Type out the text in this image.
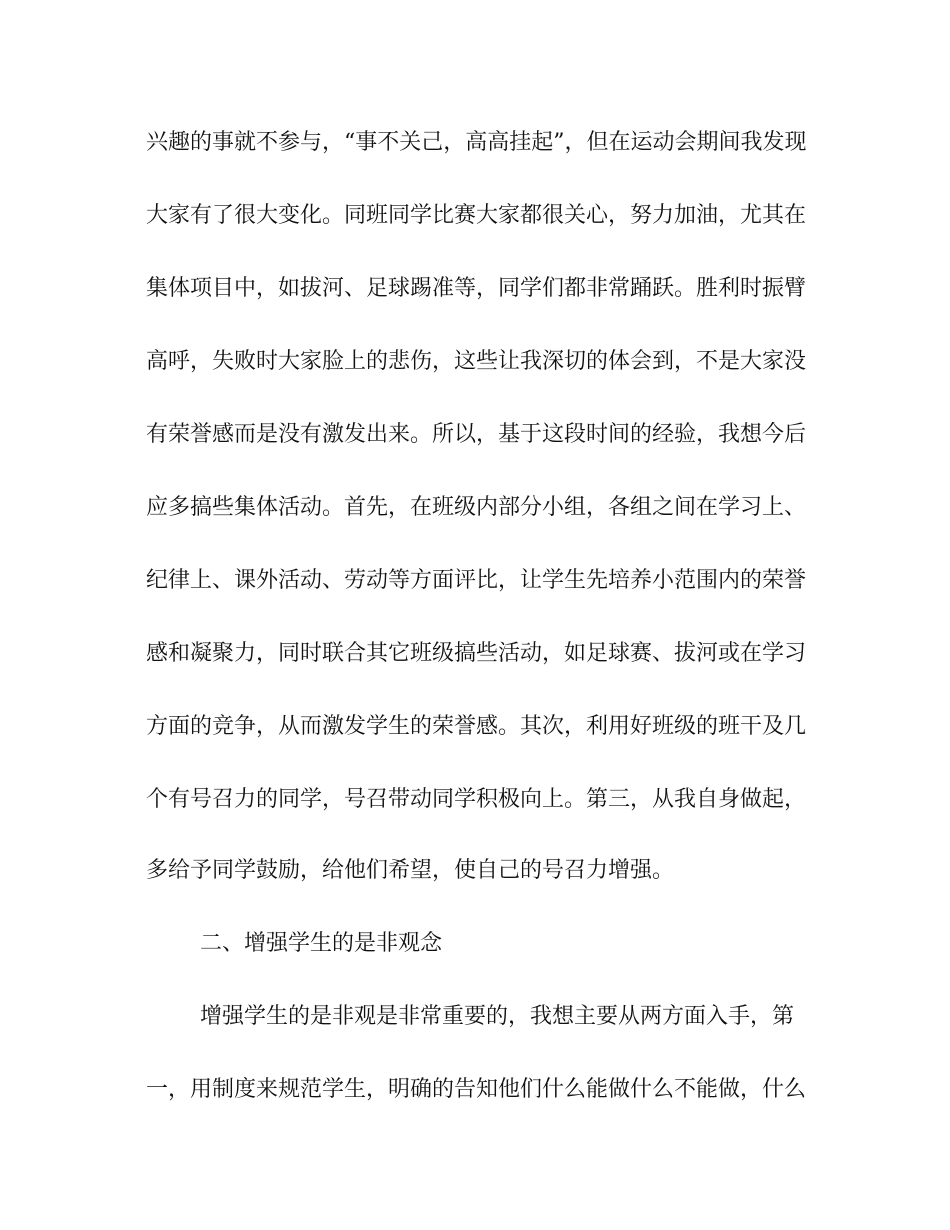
兴趣的事就不参与，“事不关己，高高挂起”，但在运动会期间我发现
大家有了很大变化。同班同学比赛大家都很关心，努力加油，尤其在
集体项目中，如拔河、足球踢准等，同学们都非常踊跃。胜利时振臂
高呼，失败时大家脸上的悲伤，这些让我深切的体会到，不是大家没
有荣誉感而是没有激发出来。所以，基于这段时间的经验，我想今后
应多搞些集体活动。首先，在班级内部分小组，各组之间在学习上、
纪律上、课外活动、劳动等方面评比，让学生先培养小范围内的荣誉
感和凝聚力，同时联合其它班级搞些活动，如足球赛、拔河或在学习
方面的竞争，从而激发学生的荣誉感。其次，利用好班级的班干及几
个有号召力的同学，号召带动同学积极向上。第三，从我自身做起，
多给予同学鼓励，给他们希望，使自己的号召力增强。
二、增强学生的是非观念
增强学生的是非观是非常重要的，我想主要从两方面入手，第
一，用制度来规范学生，明确的告知他们什么能做什么不能做，什么
